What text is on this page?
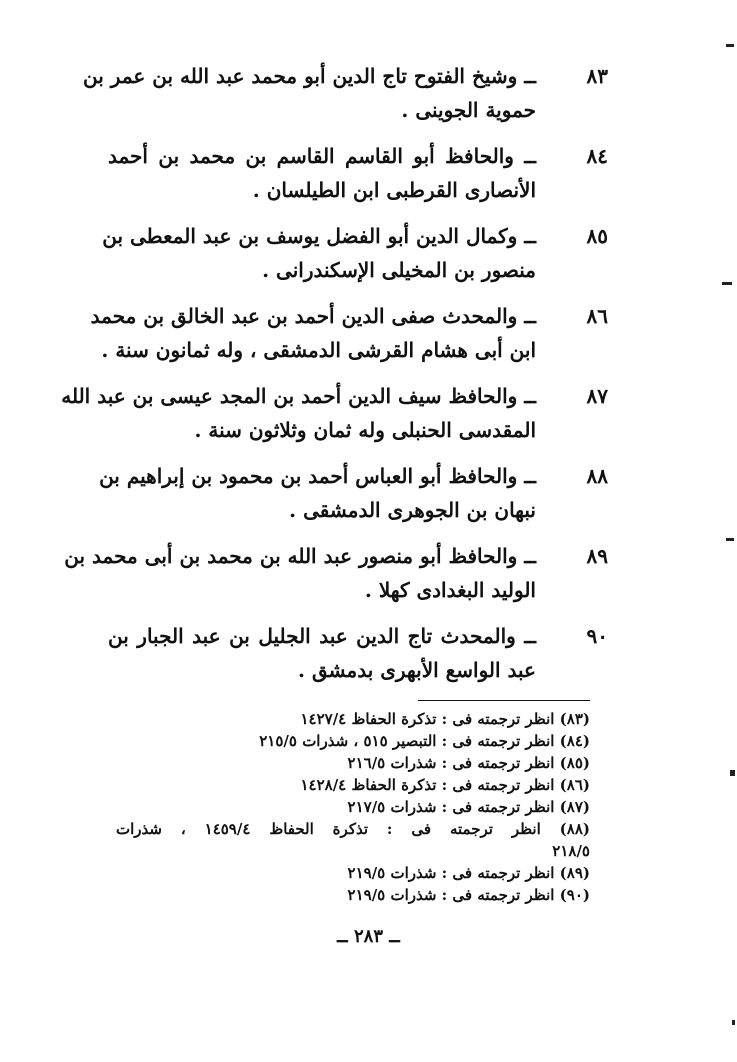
٨٣
ــ وشيخ الفتوح تاج الدين أبو محمد عبد الله بن عمر بن
حموية الجوينى .
٨٤
ــ والحافظ أبو القاسم القاسم بن محمد بن أحمد
الأنصارى القرطبى ابن الطيلسان .
٨٥
ــ وكمال الدين أبو الفضل يوسف بن عبد المعطى بن
منصور بن المخيلى الإسكندرانى .
٨٦
ــ والمحدث صفى الدين أحمد بن عبد الخالق بن محمد
ابن أبى هشام القرشى الدمشقى ، وله ثمانون سنة .
٨٧
ــ والحافظ سيف الدين أحمد بن المجد عيسى بن عبد الله
المقدسى الحنبلى وله ثمان وثلاثون سنة .
٨٨
ــ والحافظ أبو العباس أحمد بن محمود بن إبراهيم بن
نبهان بن الجوهرى الدمشقى .
٨٩
ــ والحافظ أبو منصور عبد الله بن محمد بن أبى محمد بن
الوليد البغدادى كهلا .
٩٠
ــ والمحدث تاج الدين عبد الجليل بن عبد الجبار بن
عبد الواسع الأبهرى بدمشق .
(٨٣) انظر ترجمته فى : تذكرة الحفاظ ١٤٢٧/٤
(٨٤) انظر ترجمته فى : التبصير ٥١٥ ، شذرات ٢١٥/٥
(٨٥) انظر ترجمته فى : شذرات ٢١٦/٥
(٨٦) انظر ترجمته فى : تذكرة الحفاظ ١٤٢٨/٤
(٨٧) انظر ترجمته فى : شذرات ٢١٧/٥
(٨٨) انظر ترجمته فى : تذكرة الحفاظ ١٤٥٩/٤ ، شذرات
٢١٨/٥
(٨٩) انظر ترجمته فى : شذرات ٢١٩/٥
(٩٠) انظر ترجمته فى : شذرات ٢١٩/٥
ــ ٢٨٣ ــ
